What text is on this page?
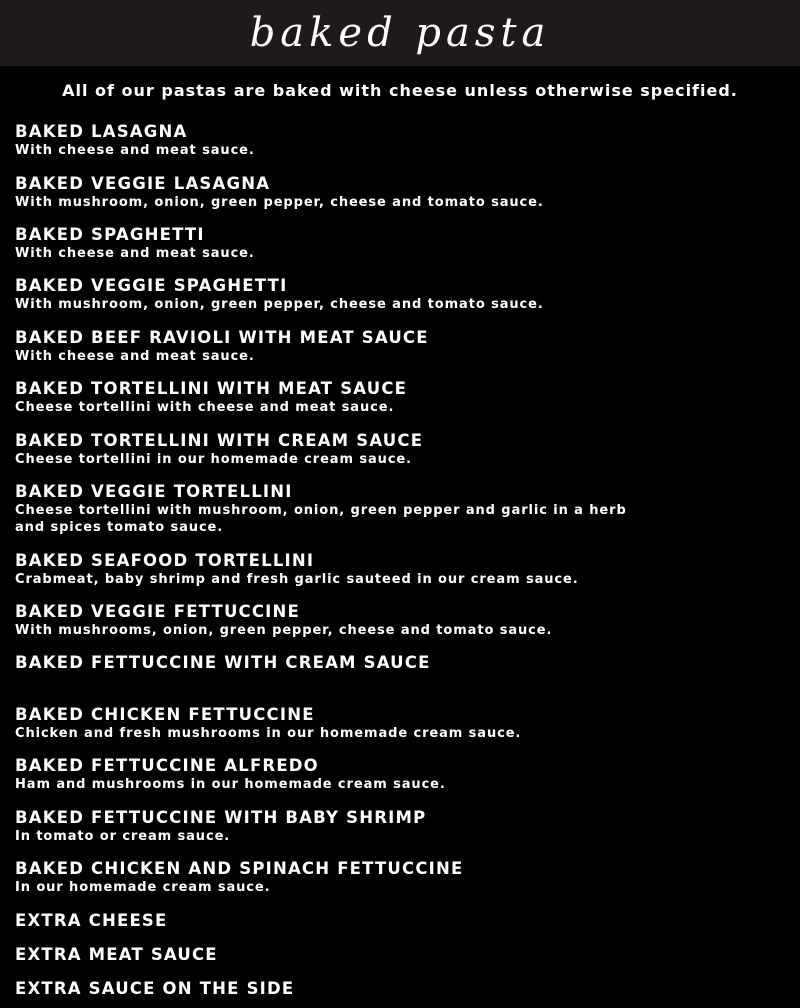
baked pasta
All of our pastas are baked with cheese unless otherwise specified.
BAKED LASAGNA
With cheese and meat sauce.
BAKED VEGGIE LASAGNA
With mushroom, onion, green pepper, cheese and tomato sauce.
BAKED SPAGHETTI
With cheese and meat sauce.
BAKED VEGGIE SPAGHETTI
With mushroom, onion, green pepper, cheese and tomato sauce.
BAKED BEEF RAVIOLI WITH MEAT SAUCE
With cheese and meat sauce.
BAKED TORTELLINI WITH MEAT SAUCE
Cheese tortellini with cheese and meat sauce.
BAKED TORTELLINI WITH CREAM SAUCE
Cheese tortellini in our homemade cream sauce.
BAKED VEGGIE TORTELLINI
Cheese tortellini with mushroom, onion, green pepper and garlic in a herb and spices tomato sauce.
BAKED SEAFOOD TORTELLINI
Crabmeat, baby shrimp and fresh garlic sauteed in our cream sauce.
BAKED VEGGIE FETTUCCINE
With mushrooms, onion, green pepper, cheese and tomato sauce.
BAKED FETTUCCINE WITH CREAM SAUCE
BAKED CHICKEN FETTUCCINE
Chicken and fresh mushrooms in our homemade cream sauce.
BAKED FETTUCCINE ALFREDO
Ham and mushrooms in our homemade cream sauce.
BAKED FETTUCCINE WITH BABY SHRIMP
In tomato or cream sauce.
BAKED CHICKEN AND SPINACH FETTUCCINE
In our homemade cream sauce.
EXTRA CHEESE
EXTRA MEAT SAUCE
EXTRA SAUCE ON THE SIDE
